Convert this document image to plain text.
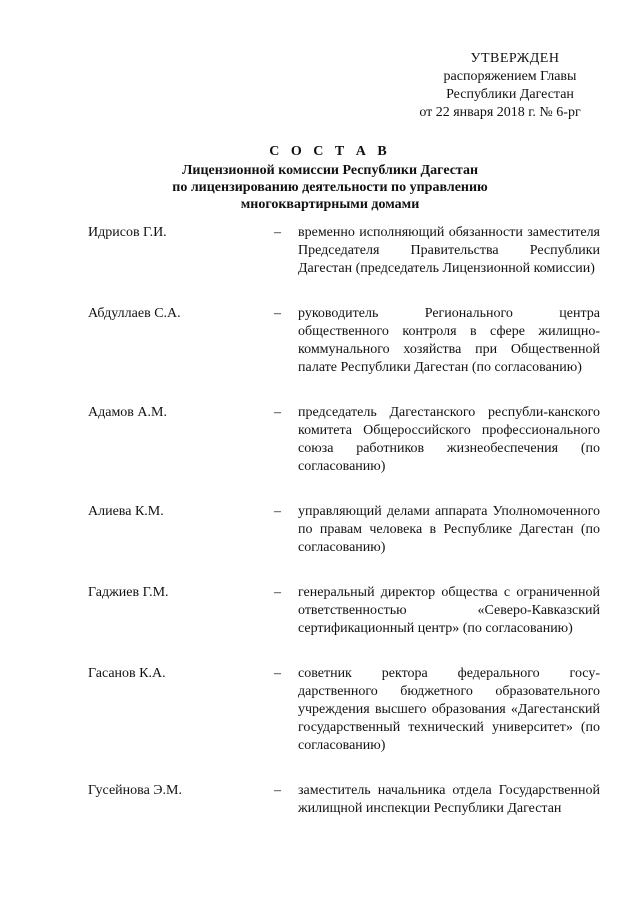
УТВЕРЖДЕН
распоряжением Главы
Республики Дагестан
от 22 января 2018 г. № 6-рг
С О С Т А В
Лицензионной комиссии Республики Дагестан
по лицензированию деятельности по управлению
многоквартирными домами
Идрисов Г.И.	–	временно исполняющий обязанности заместителя Председателя Правительства Республики Дагестан (председатель Лицензионной комиссии)
Абдуллаев С.А.	–	руководитель Регионального центра общественного контроля в сфере жилищно-коммунального хозяйства при Общественной палате Республики Дагестан (по согласованию)
Адамов А.М.	–	председатель Дагестанского республи-канского комитета Общероссийского профессионального союза работников жизнеобеспечения (по согласованию)
Алиева К.М.	–	управляющий делами аппарата Уполномоченного по правам человека в Республике Дагестан (по согласованию)
Гаджиев Г.М.	–	генеральный директор общества с ограниченной ответственностью «Северо-Кавказский сертификационный центр» (по согласованию)
Гасанов К.А.	–	советник ректора федерального госу-дарственного бюджетного образовательного учреждения высшего образования «Дагестанский государственный технический университет» (по согласованию)
Гусейнова Э.М.	–	заместитель начальника отдела Государственной жилищной инспекции Республики Дагестан
